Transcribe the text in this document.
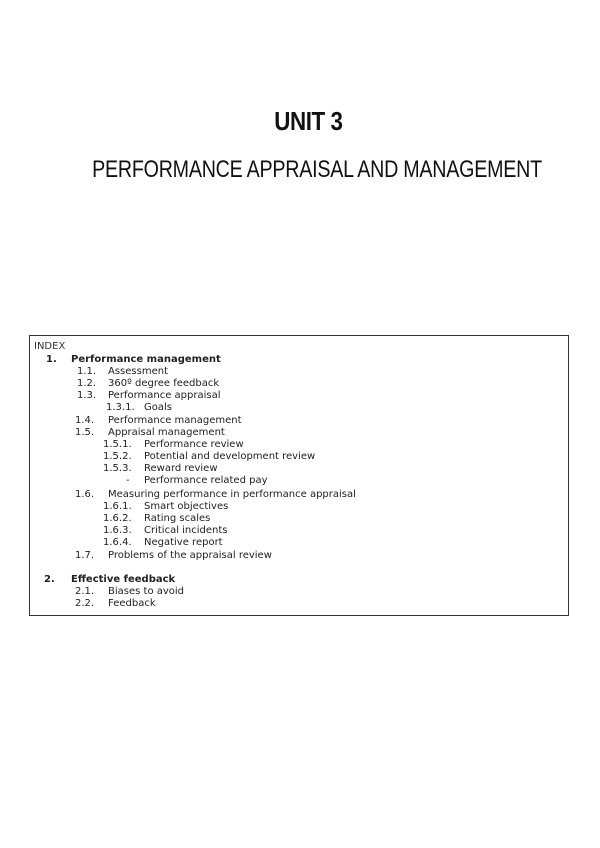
UNIT 3
PERFORMANCE APPRAISAL AND MANAGEMENT
INDEX
1. Performance management
1.1. Assessment
1.2. 360º degree feedback
1.3. Performance appraisal
1.3.1. Goals
1.4. Performance management
1.5. Appraisal management
1.5.1. Performance review
1.5.2. Potential and development review
1.5.3. Reward review
- Performance related pay
1.6. Measuring performance in performance appraisal
1.6.1. Smart objectives
1.6.2. Rating scales
1.6.3. Critical incidents
1.6.4. Negative report
1.7. Problems of the appraisal review
2. Effective feedback
2.1. Biases to avoid
2.2. Feedback
